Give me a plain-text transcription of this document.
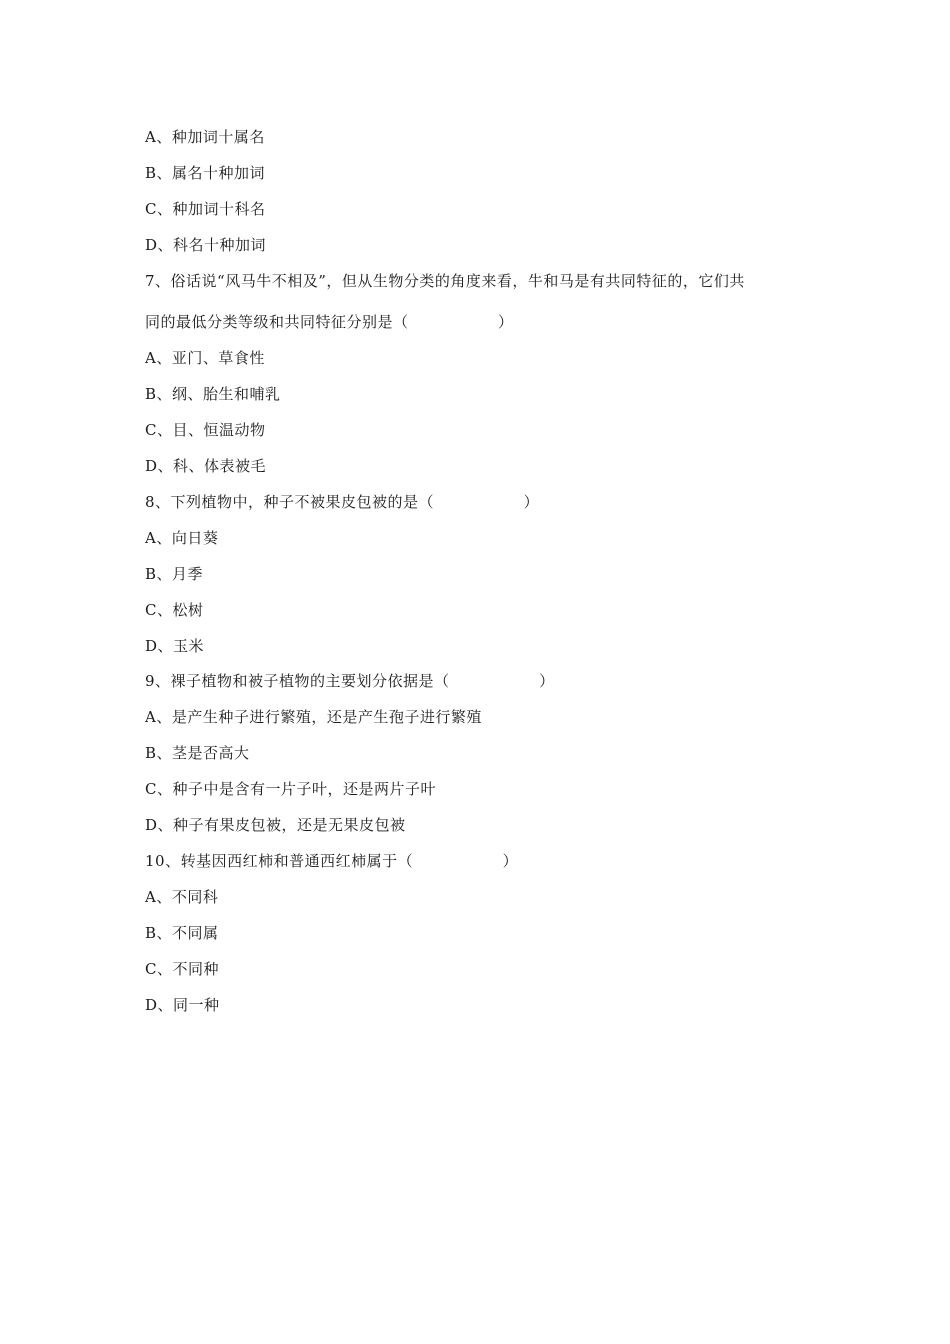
A、种加词十属名
B、属名十种加词
C、种加词十科名
D、科名十种加词
7、俗话说“风马牛不相及”，但从生物分类的角度来看，牛和马是有共同特征的，它们共
同的最低分类等级和共同特征分别是（                 ）
A、亚门、草食性
B、纲、胎生和哺乳
C、目、恒温动物
D、科、体表被毛
8、下列植物中，种子不被果皮包被的是（                 ）
A、向日葵
B、月季
C、松树
D、玉米
9、裸子植物和被子植物的主要划分依据是（                 ）
A、是产生种子进行繁殖，还是产生孢子进行繁殖
B、茎是否高大
C、种子中是含有一片子叶，还是两片子叶
D、种子有果皮包被，还是无果皮包被
10、转基因西红柿和普通西红柿属于（                 ）
A、不同科
B、不同属
C、不同种
D、同一种
